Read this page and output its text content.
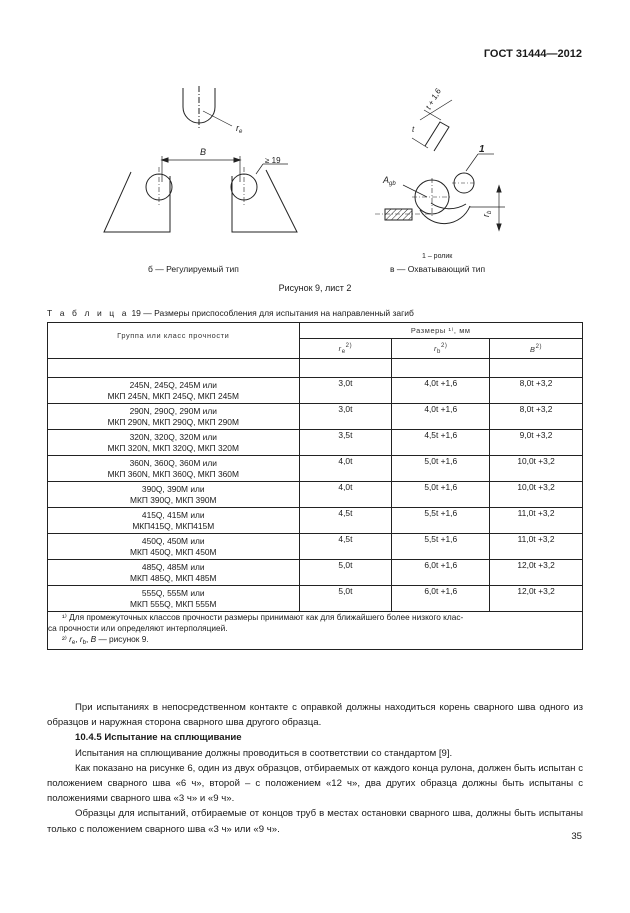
ГОСТ 31444—2012
B
$r_e$
≥ 19
t + 1,6
t
1
$A_{gb}$
$r_b$
1 – ролик
б — Регулируемый тип	в — Охватывающий тип
Рисунок 9, лист 2
Т а б л и ц а 19 — Размеры приспособления для испытания на направленный загиб
Группа или класс прочности	Размеры ¹⁾, мм		
	$r_e^{2)}$	$r_b^{2)}$	$B^{2)}$

245N, 245Q, 245M или
МКП 245N, МКП 245Q, МКП 245M	3,0t	4,0t +1,6	8,0t +3,2

290N, 290Q, 290M или
МКП 290N, МКП 290Q, МКП 290M	3,0t	4,0t +1,6	8,0t +3,2

320N, 320Q, 320M или
МКП 320N, МКП 320Q, МКП 320M	3,5t	4,5t +1,6	9,0t +3,2

360N, 360Q, 360M или
МКП 360N, МКП 360Q, МКП 360M	4,0t	5,0t +1,6	10,0t +3,2

390Q, 390M или
МКП 390Q, МКП 390M	4,0t	5,0t +1,6	10,0t +3,2

415Q, 415M или
МКП415Q, МКП415M	4,5t	5,5t +1,6	11,0t +3,2

450Q, 450M или
МКП 450Q, МКП 450M	4,5t	5,5t +1,6	11,0t +3,2

485Q, 485M или
МКП 485Q, МКП 485M	5,0t	6,0t +1,6	12,0t +3,2

555Q, 555M или
МКП 555Q, МКП 555M	5,0t	6,0t +1,6	12,0t +3,2

¹⁾ Для промежуточных классов прочности размеры принимают как для ближайшего более низкого клас-
са прочности или определяют интерполяцией.
²⁾ $r_e$, $r_b$, B — рисунок 9.			

При испытаниях в непосредственном контакте с оправкой должны находиться корень сварного шва одного из образцов и наружная сторона сварного шва другого образца.

10.4.5 Испытание на сплющивание

Испытания на сплющивание должны проводиться в соответствии со стандартом [9].

Как показано на рисунке 6, один из двух образцов, отбираемых от каждого конца рулона, должен быть испытан с положением сварного шва «6 ч», второй – с положением «12 ч», два других образца должны быть испытаны с положениями сварного шва «3 ч» и «9 ч».

Образцы для испытаний, отбираемые от концов труб в местах остановки сварного шва, должны быть испытаны только с положением сварного шва «3 ч» или «9 ч».

35
